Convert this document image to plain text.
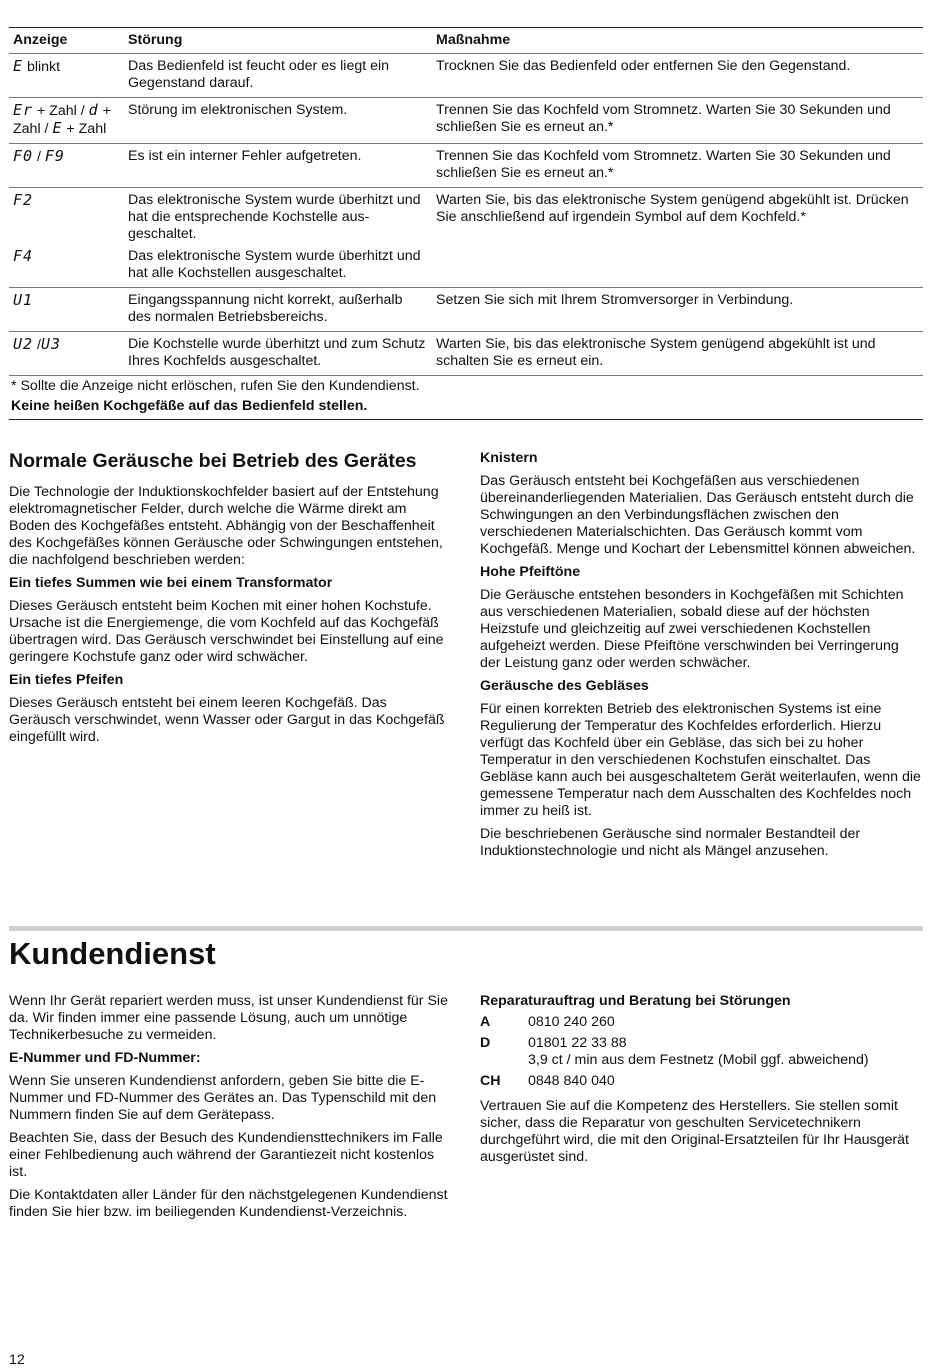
Anzeige	Störung	Maßnahme
E blinkt	Das Bedienfeld ist feucht oder es liegt ein Gegenstand darauf.	Trocknen Sie das Bedienfeld oder entfernen Sie den Gegenstand.
Er + Zahl / d + Zahl / E + Zahl	Störung im elektronischen System.	Trennen Sie das Kochfeld vom Stromnetz. Warten Sie 30 Sekunden und schließen Sie es erneut an.*
F0 / F9	Es ist ein interner Fehler aufgetreten.	Trennen Sie das Kochfeld vom Stromnetz. Warten Sie 30 Sekunden und schließen Sie es erneut an.*
F2	Das elektronische System wurde überhitzt und hat die entsprechende Kochstelle ausgeschaltet.	Warten Sie, bis das elektronische System genügend abgekühlt ist. Drücken Sie anschließend auf irgendein Symbol auf dem Kochfeld.*
F4	Das elektronische System wurde überhitzt und hat alle Kochstellen ausgeschaltet.	
U1	Eingangsspannung nicht korrekt, außerhalb des normalen Betriebsbereichs.	Setzen Sie sich mit Ihrem Stromversorger in Verbindung.
U2 /U3	Die Kochstelle wurde überhitzt und zum Schutz Ihres Kochfelds ausgeschaltet.	Warten Sie, bis das elektronische System genügend abgekühlt ist und schalten Sie es erneut ein.
* Sollte die Anzeige nicht erlöschen, rufen Sie den Kundendienst.
Keine heißen Kochgefäße auf das Bedienfeld stellen.
Normale Geräusche bei Betrieb des Gerätes

Die Technologie der Induktionskochfelder basiert auf der Entstehung elektromagnetischer Felder, durch welche die Wärme direkt am Boden des Kochgefäßes entsteht. Abhängig von der Beschaffenheit des Kochgefäßes können Geräusche oder Schwingungen entstehen, die nachfolgend beschrieben werden:

Ein tiefes Summen wie bei einem Transformator

Dieses Geräusch entsteht beim Kochen mit einer hohen Kochstufe. Ursache ist die Energiemenge, die vom Kochfeld auf das Kochgefäß übertragen wird. Das Geräusch verschwindet bei Einstellung auf eine geringere Kochstufe ganz oder wird schwächer.

Ein tiefes Pfeifen

Dieses Geräusch entsteht bei einem leeren Kochgefäß. Das Geräusch verschwindet, wenn Wasser oder Gargut in das Kochgefäß eingefüllt wird.

Knistern

Das Geräusch entsteht bei Kochgefäßen aus verschiedenen übereinanderliegenden Materialien. Das Geräusch entsteht durch die Schwingungen an den Verbindungsflächen zwischen den verschiedenen Materialschichten. Das Geräusch kommt vom Kochgefäß. Menge und Kochart der Lebensmittel können abweichen.

Hohe Pfeiftöne

Die Geräusche entstehen besonders in Kochgefäßen mit Schichten aus verschiedenen Materialien, sobald diese auf der höchsten Heizstufe und gleichzeitig auf zwei verschiedenen Kochstellen aufgeheizt werden. Diese Pfeiftöne verschwinden bei Verringerung der Leistung ganz oder werden schwächer.

Geräusche des Gebläses

Für einen korrekten Betrieb des elektronischen Systems ist eine Regulierung der Temperatur des Kochfeldes erforderlich. Hierzu verfügt das Kochfeld über ein Gebläse, das sich bei zu hoher Temperatur in den verschiedenen Kochstufen einschaltet. Das Gebläse kann auch bei ausgeschaltetem Gerät weiterlaufen, wenn die gemessene Temperatur nach dem Ausschalten des Kochfeldes noch immer zu heiß ist.

Die beschriebenen Geräusche sind normaler Bestandteil der Induktionstechnologie und nicht als Mängel anzusehen.

Kundendienst

Wenn Ihr Gerät repariert werden muss, ist unser Kundendienst für Sie da. Wir finden immer eine passende Lösung, auch um unnötige Technikerbesuche zu vermeiden.

E-Nummer und FD-Nummer:

Wenn Sie unseren Kundendienst anfordern, geben Sie bitte die E-Nummer und FD-Nummer des Gerätes an. Das Typenschild mit den Nummern finden Sie auf dem Gerätepass.

Beachten Sie, dass der Besuch des Kundendiensttechnikers im Falle einer Fehlbedienung auch während der Garantiezeit nicht kostenlos ist.

Die Kontaktdaten aller Länder für den nächstgelegenen Kundendienst finden Sie hier bzw. im beiliegenden Kundendienst-Verzeichnis.

Reparaturauftrag und Beratung bei Störungen
A	0810 240 260
D	01801 22 33 88
3,9 ct / min aus dem Festnetz (Mobil ggf. abweichend)
CH	0848 840 040

Vertrauen Sie auf die Kompetenz des Herstellers. Sie stellen somit sicher, dass die Reparatur von geschulten Servicetechnikern durchgeführt wird, die mit den Original-Ersatzteilen für Ihr Hausgerät ausgerüstet sind.

12
